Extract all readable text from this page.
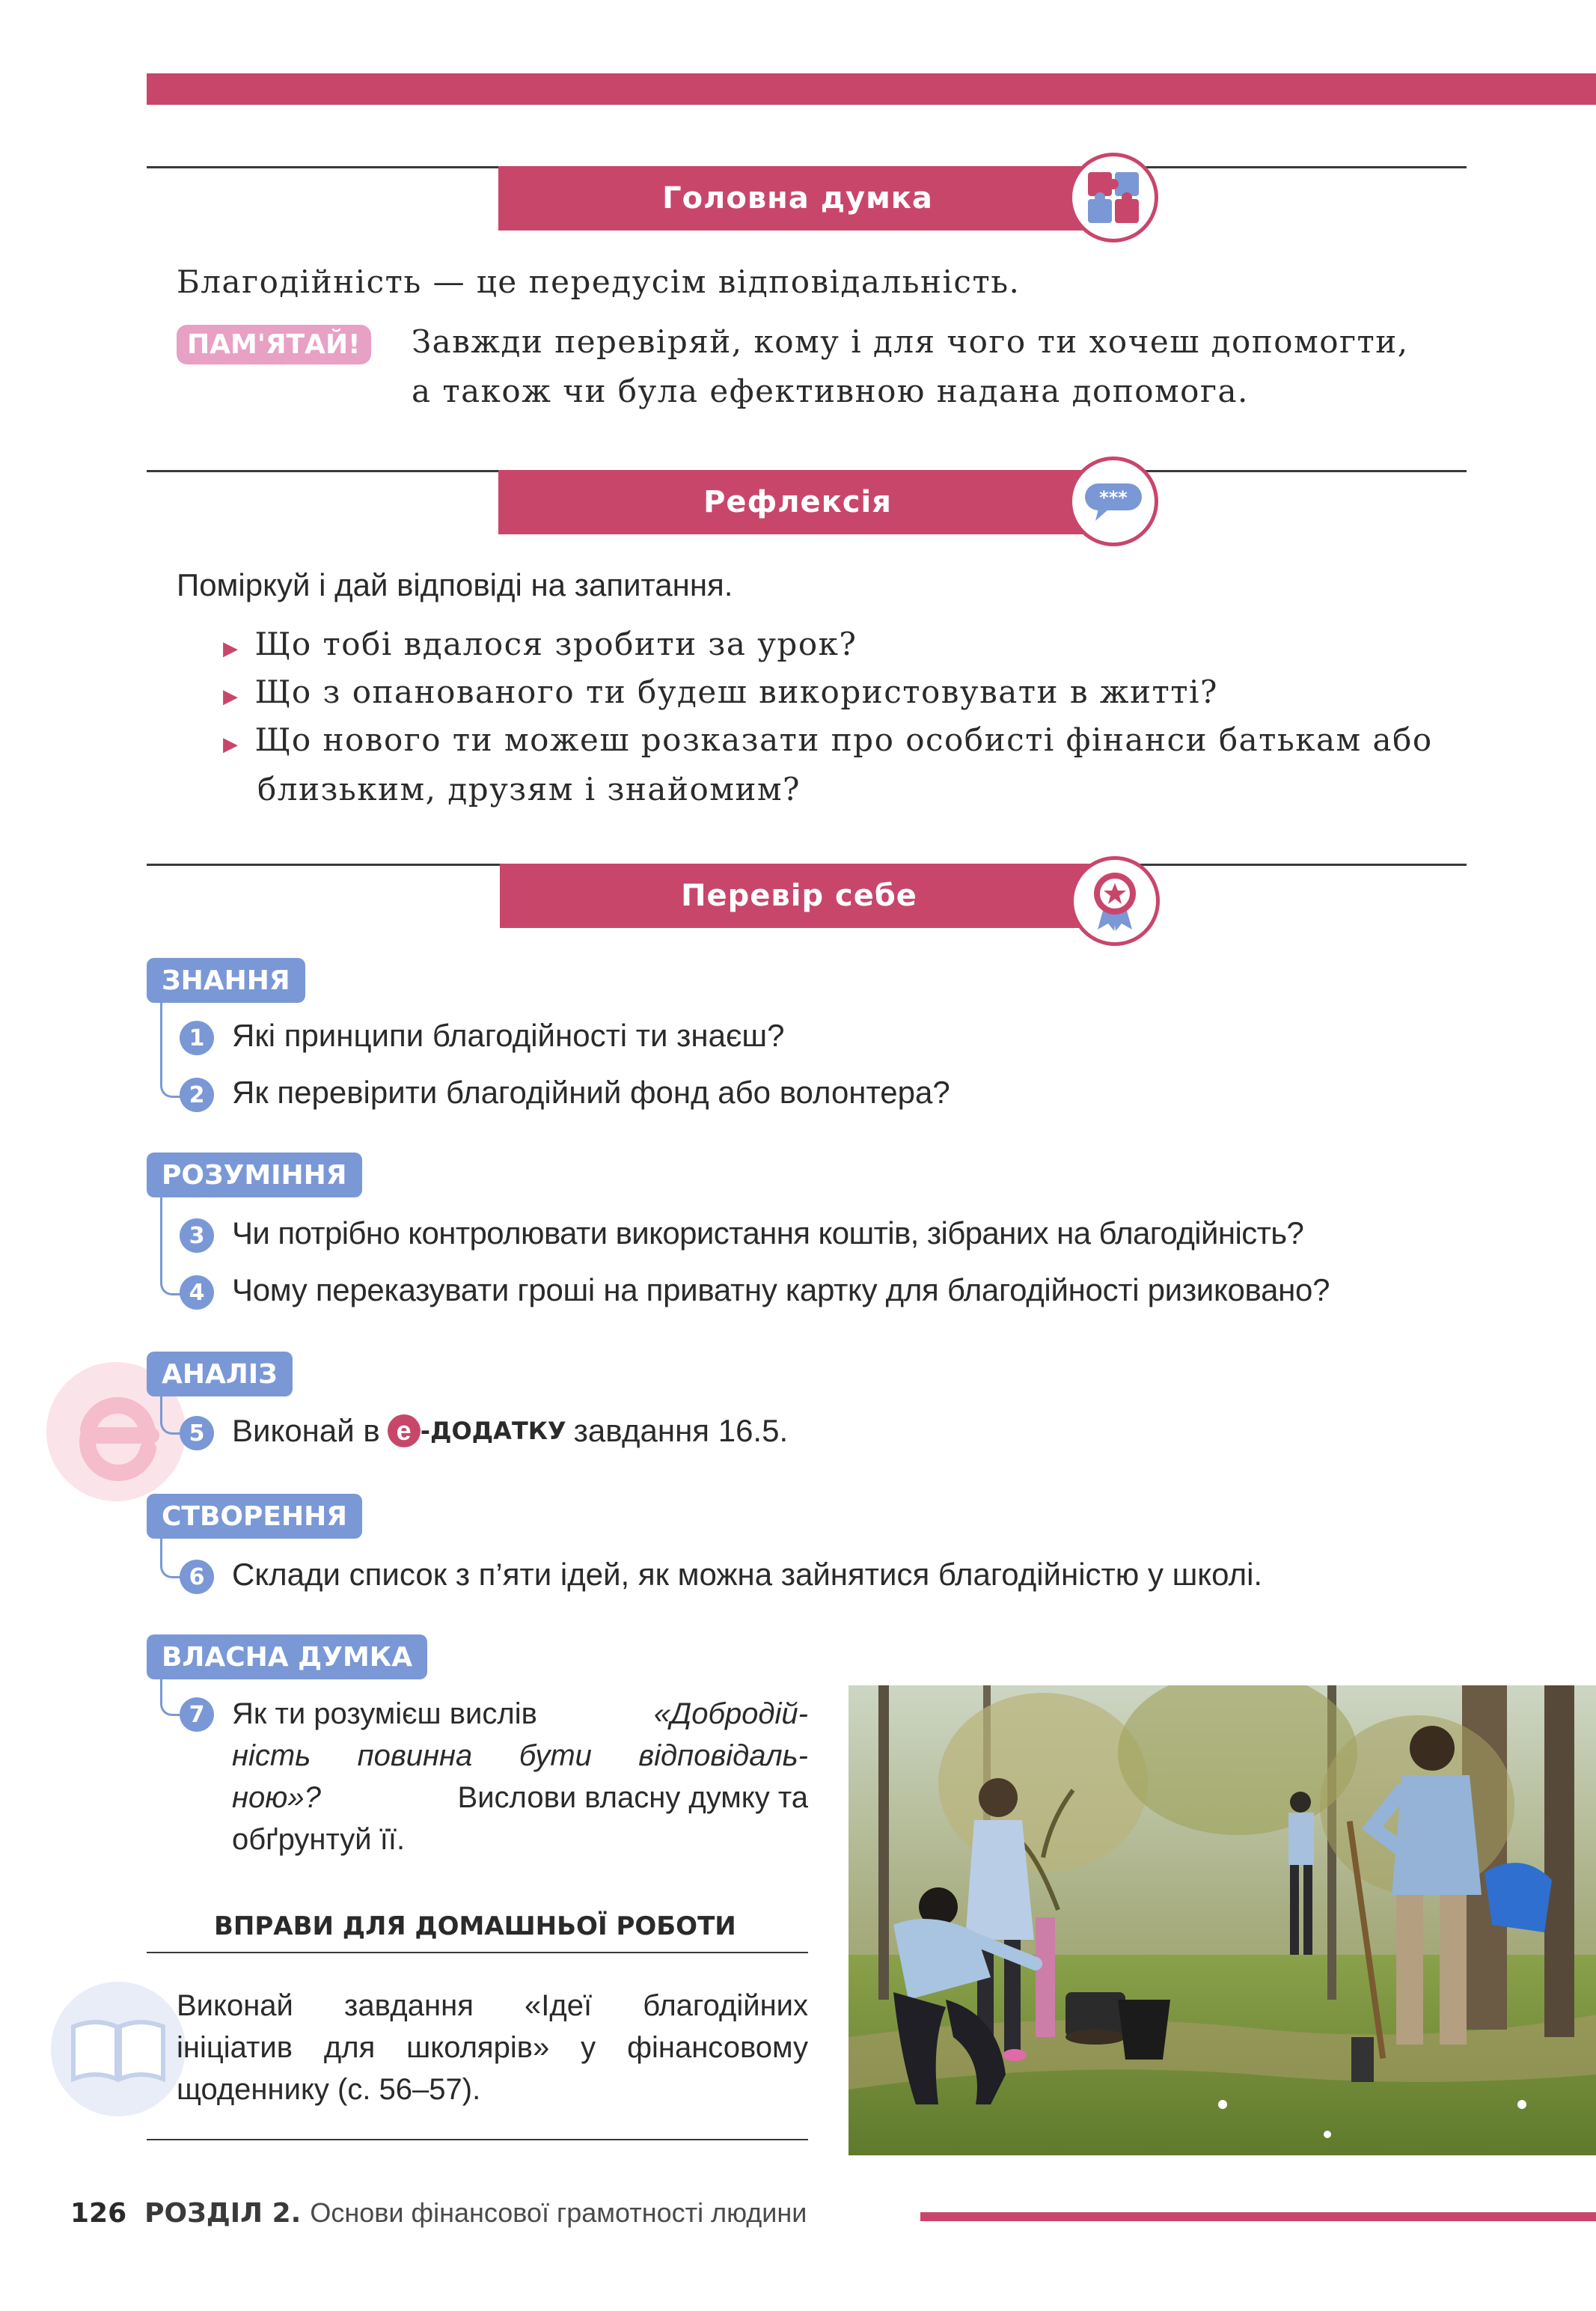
Головна думка
Благодійність — це передусім відповідальність.
ПАМ'ЯТАЙ!	Завжди перевіряй, кому і для чого ти хочеш допомогти,
а також чи була ефективною надана допомога.
Рефлексія	***
Поміркуй і дай відповіді на запитання.
▶ Що тобі вдалося зробити за урок?
▶ Що з опанованого ти будеш використовувати в житті?
▶ Що нового ти можеш розказати про особисті фінанси батькам або
близьким, друзям і знайомим?
Перевір себе
ЗНАННЯ
1 Які принципи благодійності ти знаєш?
2 Як перевірити благодійний фонд або волонтера?
РОЗУМІННЯ
3 Чи потрібно контролювати використання коштів, зібраних на благодійність?
4 Чому переказувати гроші на приватну картку для благодійності ризиковано?
АНАЛІЗ
5 Виконай в е -ДОДАТКУ завдання 16.5.
СТВОРЕННЯ
6 Склади список з п’яти ідей, як можна зайнятися благодійністю у школі.
ВЛАСНА ДУМКА
7 Як ти розумієш вислів	«Добродій-
ність повинна бути відповідаль-
ною»?	Вислови власну думку та
обґрунтуй її.
ВПРАВИ ДЛЯ ДОМАШНЬОЇ РОБОТИ
Виконай завдання «Ідеї благодійних
ініціатив для школярів» у фінансовому
щоденнику (с. 56–57).
126 РОЗДІЛ 2. Основи фінансової грамотності людини
